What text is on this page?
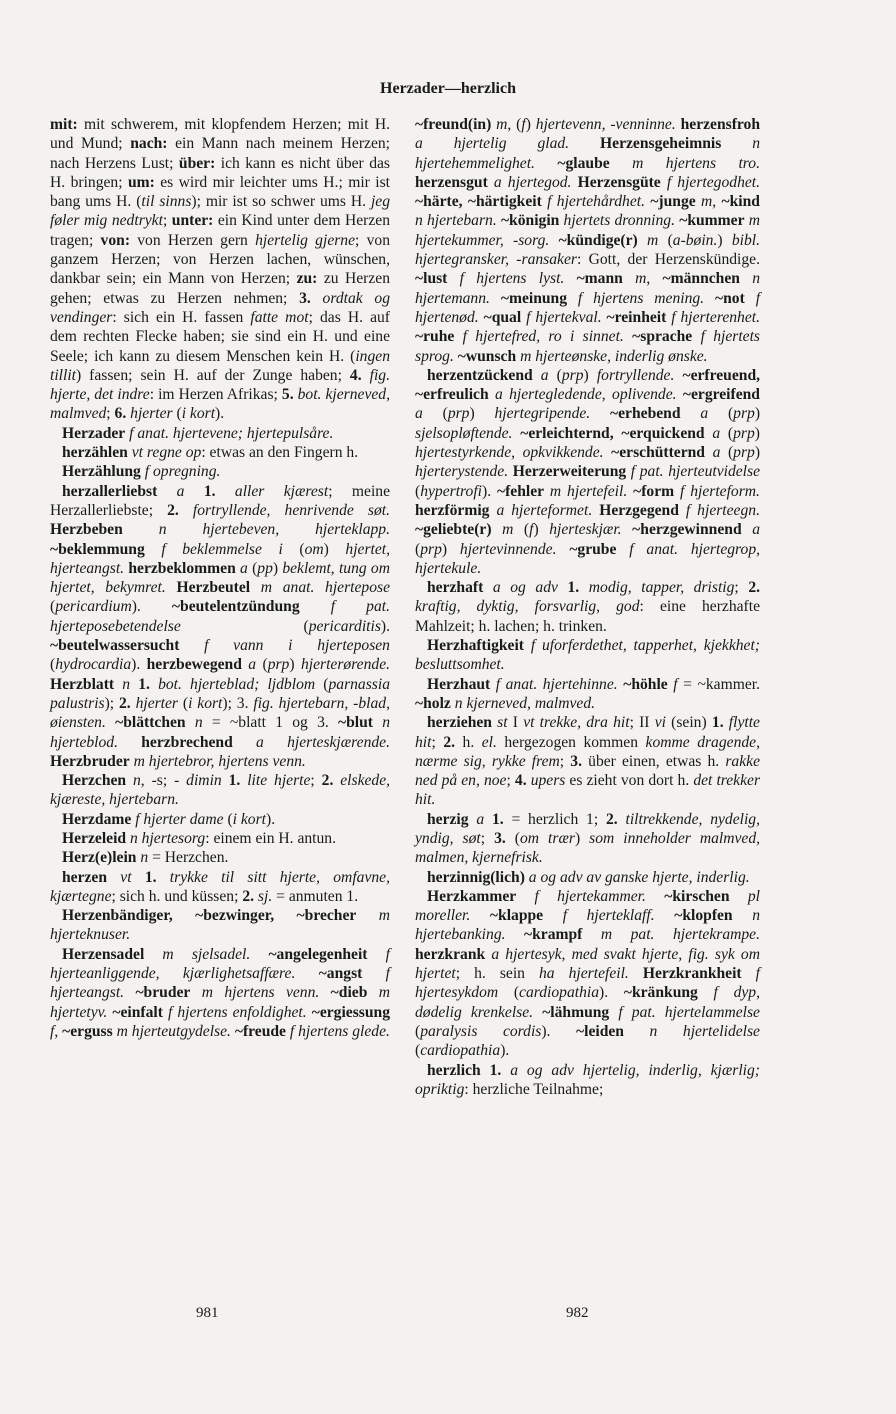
Herzader—herzlich

mit: mit schwerem, mit klopfendem Herzen; mit H. und Mund; nach: ein Mann nach meinem Herzen; nach Herzens Lust; über: ich kann es nicht über das H. bringen; um: es wird mir leichter ums H.; mir ist bang ums H. (til sinns); mir ist so schwer ums H. jeg føler mig nedtrykt; unter: ein Kind unter dem Herzen tragen; von: von Herzen gern hjertelig gjerne; von ganzem Herzen; von Herzen lachen, wünschen, dankbar sein; ein Mann von Herzen; zu: zu Herzen gehen; etwas zu Herzen nehmen; 3. ordtak og vendinger: sich ein H. fassen fatte mot; das H. auf dem rechten Flecke haben; sie sind ein H. und eine Seele; ich kann zu diesem Menschen kein H. (ingen tillit) fassen; sein H. auf der Zunge haben; 4. fig. hjerte, det indre: im Herzen Afrikas; 5. bot. kjerneved, malmved; 6. hjerter (i kort).

Herzader f anat. hjertevene; hjertepulsåre.

herzählen vt regne op: etwas an den Fingern h.

Herzählung f opregning.

herzallerliebst a 1. aller kjærest; meine Herzallerliebste; 2. fortryllende, henrivende søt. Herzbeben n hjertebeven, hjerteklapp. ~beklemmung f beklemmelse i (om) hjertet, hjerteangst. herzbeklommen a (pp) beklemt, tung om hjertet, bekymret. Herzbeutel m anat. hjertepose (pericardium). ~beutelentzündung f pat. hjerteposebetendelse (pericarditis). ~beutelwassersucht f vann i hjerteposen (hydrocardia). herzbewegend a (prp) hjerterørende. Herzblatt n 1. bot. hjerteblad; ljdblom (parnassia palustris); 2. hjerter (i kort); 3. fig. hjertebarn, -blad, øiensten. ~blättchen n = ~blatt 1 og 3. ~blut n hjerteblod. herzbrechend a hjerteskjærende. Herzbruder m hjertebror, hjertens venn.

Herzchen n, -s; - dimin 1. lite hjerte; 2. elskede, kjæreste, hjertebarn.

Herzdame f hjerter dame (i kort).

Herzeleid n hjertesorg: einem ein H. antun.

Herz(e)lein n = Herzchen.

herzen vt 1. trykke til sitt hjerte, omfavne, kjærtegne; sich h. und küssen; 2. sj. = anmuten 1.

Herzenbändiger, ~bezwinger, ~brecher m hjerteknuser.

Herzensadel m sjelsadel. ~angelegenheit f hjerteanliggende, kjærlighetsaffære. ~angst f hjerteangst. ~bruder m hjertens venn. ~dieb m hjertetyv. ~einfalt f hjertens enfoldighet. ~ergiessung f, ~erguss m hjerteutgydelse. ~freude f hjertens glede.

~freund(in) m, (f) hjertevenn, -venninne. herzensfroh a hjertelig glad. Herzensgeheimnis n hjertehemmelighet. ~glaube m hjertens tro. herzensgut a hjertegod. Herzensgüte f hjertegodhet. ~härte, ~härtigkeit f hjertehårdhet. ~junge m, ~kind n hjertebarn. ~königin hjertets dronning. ~kummer m hjertekummer, -sorg. ~kündige(r) m (a-bøin.) bibl. hjertegransker, -ransaker: Gott, der Herzenskündige. ~lust f hjertens lyst. ~mann m, ~männchen n hjertemann. ~meinung f hjertens mening. ~not f hjertenød. ~qual f hjertekval. ~reinheit f hjerterenhet. ~ruhe f hjertefred, ro i sinnet. ~sprache f hjertets sprog. ~wunsch m hjerteønske, inderlig ønske.

herzentzückend a (prp) fortryllende. ~erfreuend, ~erfreulich a hjertegledende, oplivende. ~ergreifend a (prp) hjertegripende. ~erhebend a (prp) sjelsopløftende. ~erleichternd, ~erquickend a (prp) hjertestyrkende, opkvikkende. ~erschütternd a (prp) hjerterystende. Herzerweiterung f pat. hjerteutvidelse (hypertrofi). ~fehler m hjertefeil. ~form f hjerteform. herzförmig a hjerteformet. Herzgegend f hjerteegn. ~geliebte(r) m (f) hjerteskjær. ~herzgewinnend a (prp) hjertevinnende. ~grube f anat. hjertegrop, hjertekule.

herzhaft a og adv 1. modig, tapper, dristig; 2. kraftig, dyktig, forsvarlig, god: eine herzhafte Mahlzeit; h. lachen; h. trinken.

Herzhaftigkeit f uforferdethet, tapperhet, kjekkhet; besluttsomhet.

Herzhaut f anat. hjertehinne. ~höhle f = ~kammer. ~holz n kjerneved, malmved.

herziehen st I vt trekke, dra hit; II vi (sein) 1. flytte hit; 2. h. el. hergezogen kommen komme dragende, nærme sig, rykke frem; 3. über einen, etwas h. rakke ned på en, noe; 4. upers es zieht von dort h. det trekker hit.

herzig a 1. = herzlich 1; 2. tiltrekkende, nydelig, yndig, søt; 3. (om trær) som inneholder malmved, malmen, kjernefrisk.

herzinnig(lich) a og adv av ganske hjerte, inderlig.

Herzkammer f hjertekammer. ~kirschen pl moreller. ~klappe f hjerteklaff. ~klopfen n hjertebanking. ~krampf m pat. hjertekrampe. herzkrank a hjertesyk, med svakt hjerte, fig. syk om hjertet; h. sein ha hjertefeil. Herzkrankheit f hjertesykdom (cardiopathia). ~kränkung f dyp, dødelig krenkelse. ~lähmung f pat. hjertelammelse (paralysis cordis). ~leiden n hjertelidelse (cardiopathia).

herzlich 1. a og adv hjertelig, inderlig, kjærlig; opriktig: herzliche Teilnahme;

981	982
